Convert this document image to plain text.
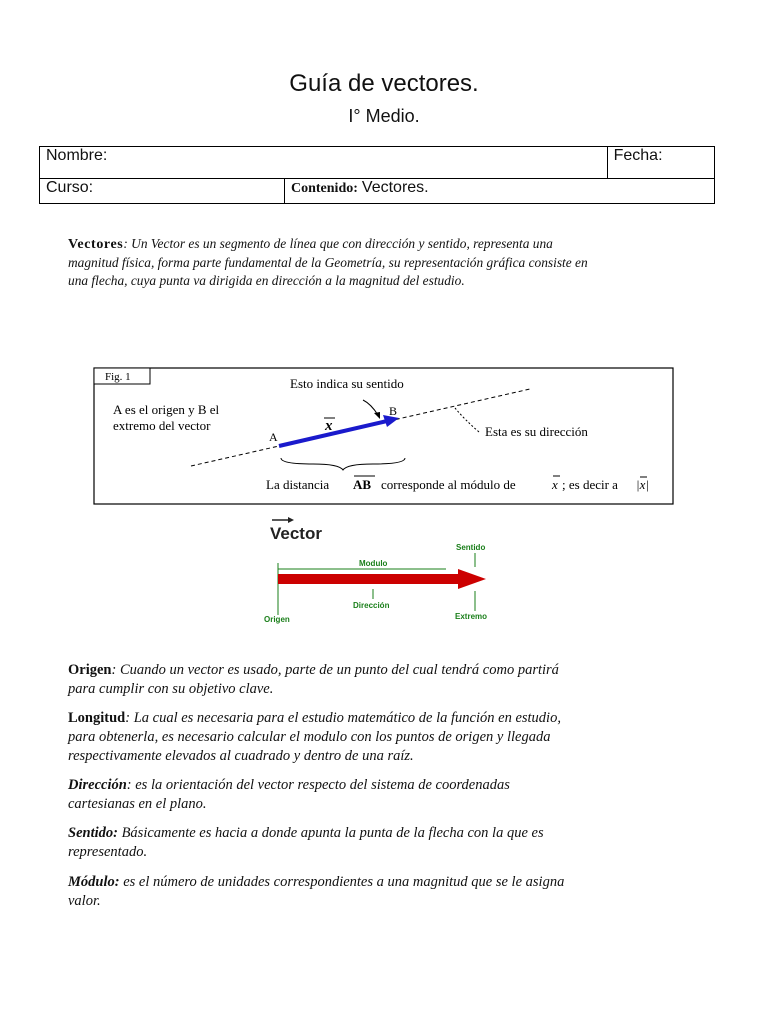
Guía de vectores.
I° Medio.
Nombre:		Fecha:
Curso:	Contenido: Vectores.	
Vectores: Un Vector es un segmento de línea que con dirección y sentido, representa una
magnitud física, forma parte fundamental de la Geometría, su representación gráfica consiste en
una flecha, cuya punta va dirigida en dirección a la magnitud del estudio.
Fig. 1
A es el origen y B el
extremo del vector
Esto indica su sentido
A
B
x	Esta es su dirección
La distancia AB corresponde al módulo de	x ; es decir a |x|
Vector
Modulo
Sentido
Dirección
Origen	Extremo
Origen: Cuando un vector es usado, parte de un punto del cual tendrá como partirá
para cumplir con su objetivo clave.
Longitud: La cual es necesaria para el estudio matemático de la función en estudio,
para obtenerla, es necesario calcular el modulo con los puntos de origen y llegada
respectivamente elevados al cuadrado y dentro de una raíz.
Dirección: es la orientación del vector respecto del sistema de coordenadas
cartesianas en el plano.
Sentido: Básicamente es hacia a donde apunta la punta de la flecha con la que es
representado.
Módulo: es el número de unidades correspondientes a una magnitud que se le asigna
valor.
